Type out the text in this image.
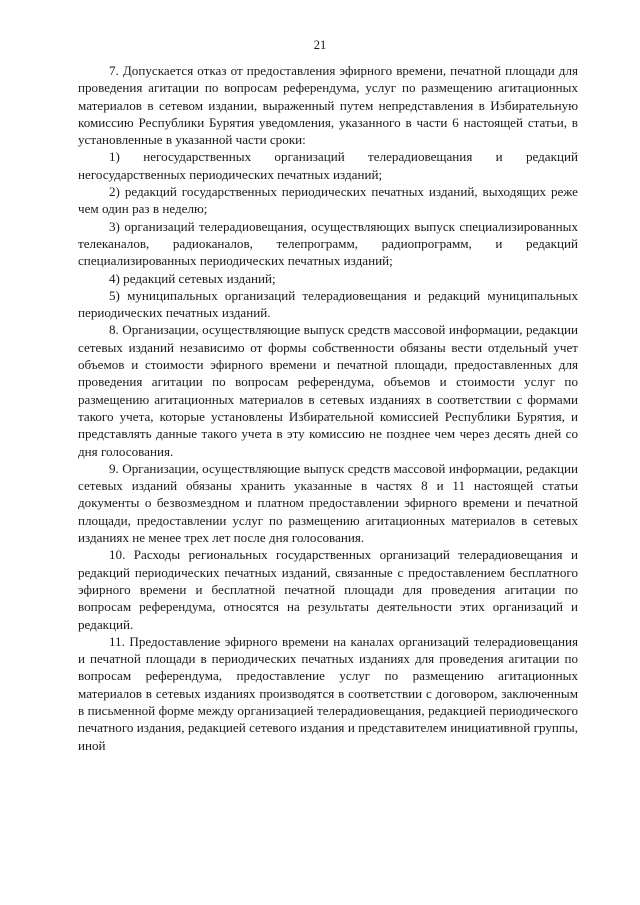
21

7. Допускается отказ от предоставления эфирного времени, печатной площади для проведения агитации по вопросам референдума, услуг по размещению агитационных материалов в сетевом издании, выраженный путем непредставления в Избирательную комиссию Республики Бурятия уведомления, указанного в части 6 настоящей статьи, в установленные в указанной части сроки:

1) негосударственных организаций телерадиовещания и редакций негосударственных периодических печатных изданий;

2) редакций государственных периодических печатных изданий, выходящих реже чем один раз в неделю;

3) организаций телерадиовещания, осуществляющих выпуск специализированных телеканалов, радиоканалов, телепрограмм, радиопрограмм, и редакций специализированных периодических печатных изданий;

4) редакций сетевых изданий;

5) муниципальных организаций телерадиовещания и редакций муниципальных периодических печатных изданий.

8. Организации, осуществляющие выпуск средств массовой информации, редакции сетевых изданий независимо от формы собственности обязаны вести отдельный учет объемов и стоимости эфирного времени и печатной площади, предоставленных для проведения агитации по вопросам референдума, объемов и стоимости услуг по размещению агитационных материалов в сетевых изданиях в соответствии с формами такого учета, которые установлены Избирательной комиссией Республики Бурятия, и представлять данные такого учета в эту комиссию не позднее чем через десять дней со дня голосования.

9. Организации, осуществляющие выпуск средств массовой информации, редакции сетевых изданий обязаны хранить указанные в частях 8 и 11 настоящей статьи документы о безвозмездном и платном предоставлении эфирного времени и печатной площади, предоставлении услуг по размещению агитационных материалов в сетевых изданиях не менее трех лет после дня голосования.

10. Расходы региональных государственных организаций телерадиовещания и редакций периодических печатных изданий, связанные с предоставлением бесплатного эфирного времени и бесплатной печатной площади для проведения агитации по вопросам референдума, относятся на результаты деятельности этих организаций и редакций.

11. Предоставление эфирного времени на каналах организаций телерадиовещания и печатной площади в периодических печатных изданиях для проведения агитации по вопросам референдума, предоставление услуг по размещению агитационных материалов в сетевых изданиях производятся в соответствии с договором, заключенным в письменной форме между организацией телерадиовещания, редакцией периодического печатного издания, редакцией сетевого издания и представителем инициативной группы, иной
